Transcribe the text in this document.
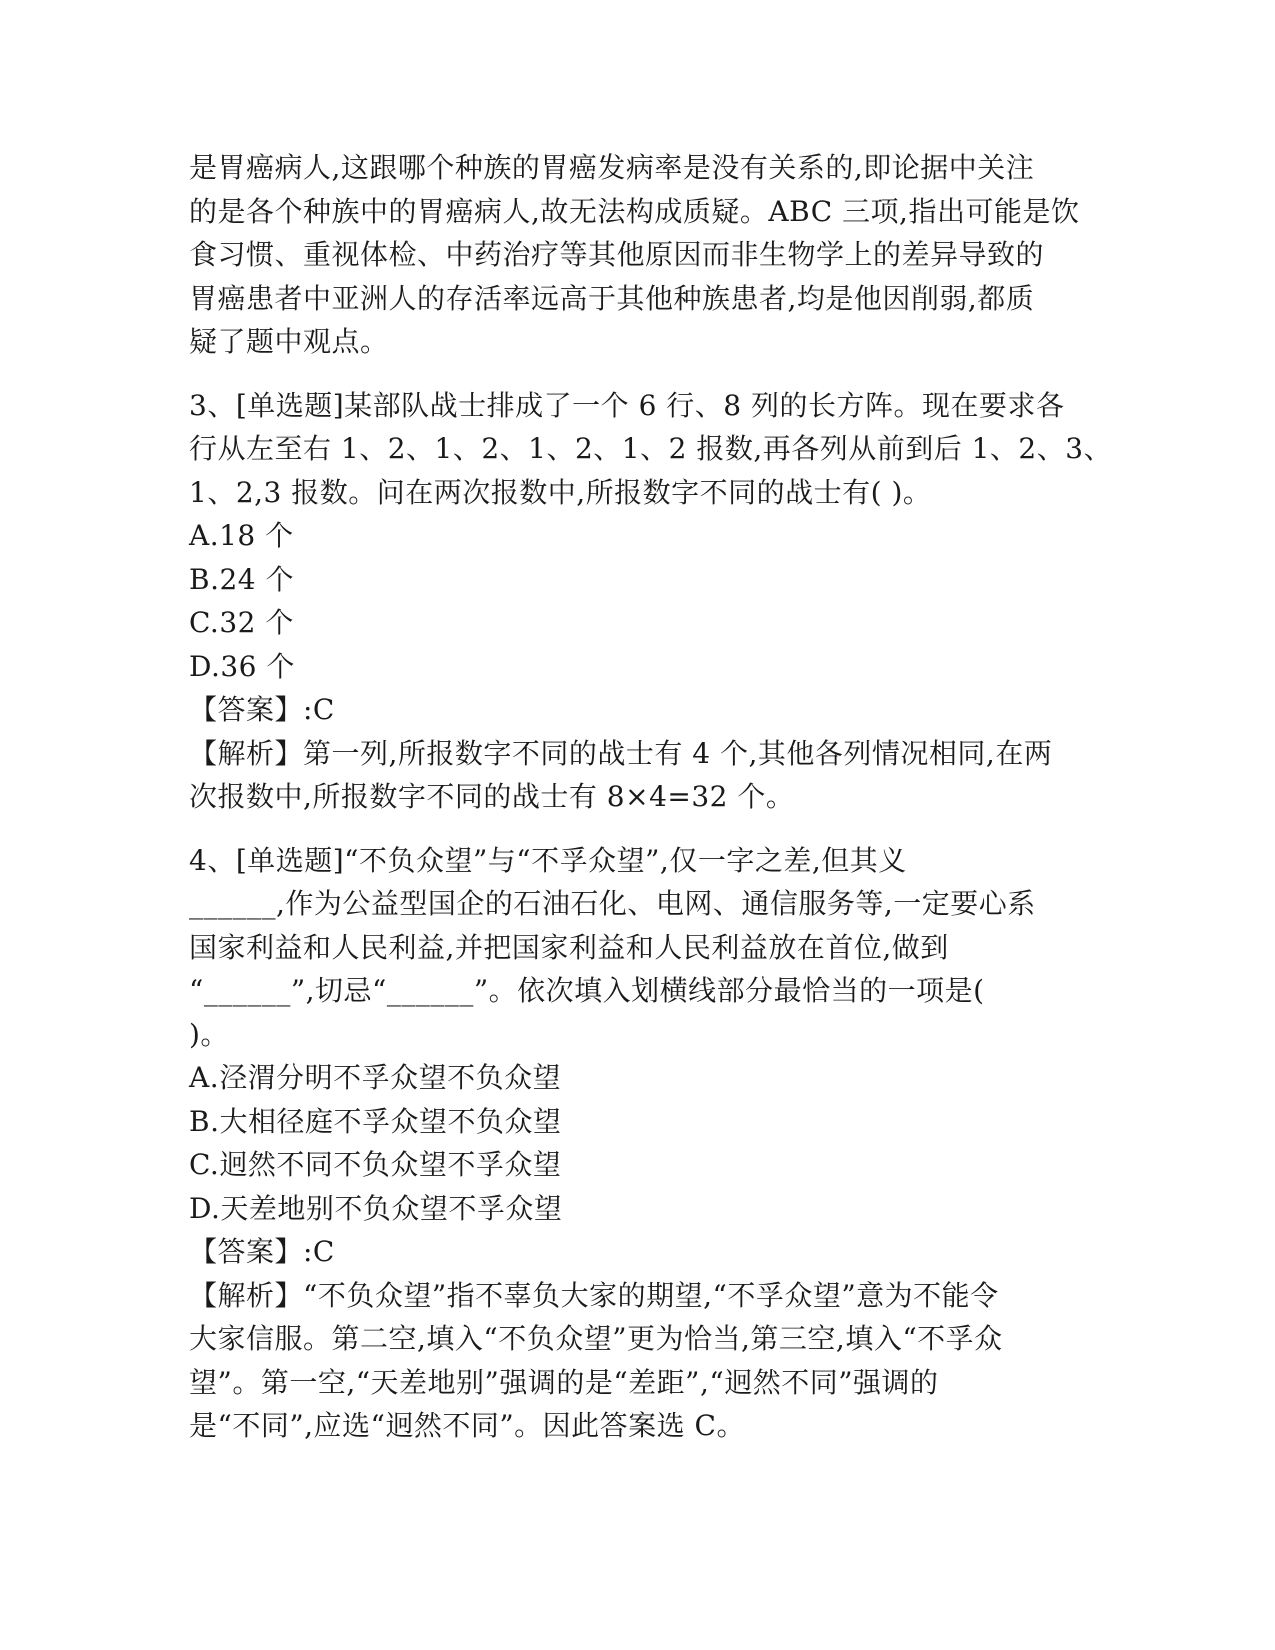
是胃癌病人,这跟哪个种族的胃癌发病率是没有关系的,即论据中关注
的是各个种族中的胃癌病人,故无法构成质疑。ABC 三项,指出可能是饮
食习惯、重视体检、中药治疗等其他原因而非生物学上的差异导致的
胃癌患者中亚洲人的存活率远高于其他种族患者,均是他因削弱,都质
疑了题中观点。
3、[单选题]某部队战士排成了一个 6 行、8 列的长方阵。现在要求各
行从左至右 1、2、1、2、1、2、1、2 报数,再各列从前到后 1、2、3、
1、2,3 报数。问在两次报数中,所报数字不同的战士有( )。
A.18 个
B.24 个
C.32 个
D.36 个
【答案】:C
【解析】第一列,所报数字不同的战士有 4 个,其他各列情况相同,在两
次报数中,所报数字不同的战士有 8×4=32 个。
4、[单选题]“不负众望”与“不孚众望”,仅一字之差,但其义
______,作为公益型国企的石油石化、电网、通信服务等,一定要心系
国家利益和人民利益,并把国家利益和人民利益放在首位,做到
“______”,切忌“______”。依次填入划横线部分最恰当的一项是(
)。
A.泾渭分明不孚众望不负众望
B.大相径庭不孚众望不负众望
C.迥然不同不负众望不孚众望
D.天差地别不负众望不孚众望
【答案】:C
【解析】“不负众望”指不辜负大家的期望,“不孚众望”意为不能令
大家信服。第二空,填入“不负众望”更为恰当,第三空,填入“不孚众
望”。第一空,“天差地别”强调的是“差距”,“迥然不同”强调的
是“不同”,应选“迥然不同”。因此答案选 C。
